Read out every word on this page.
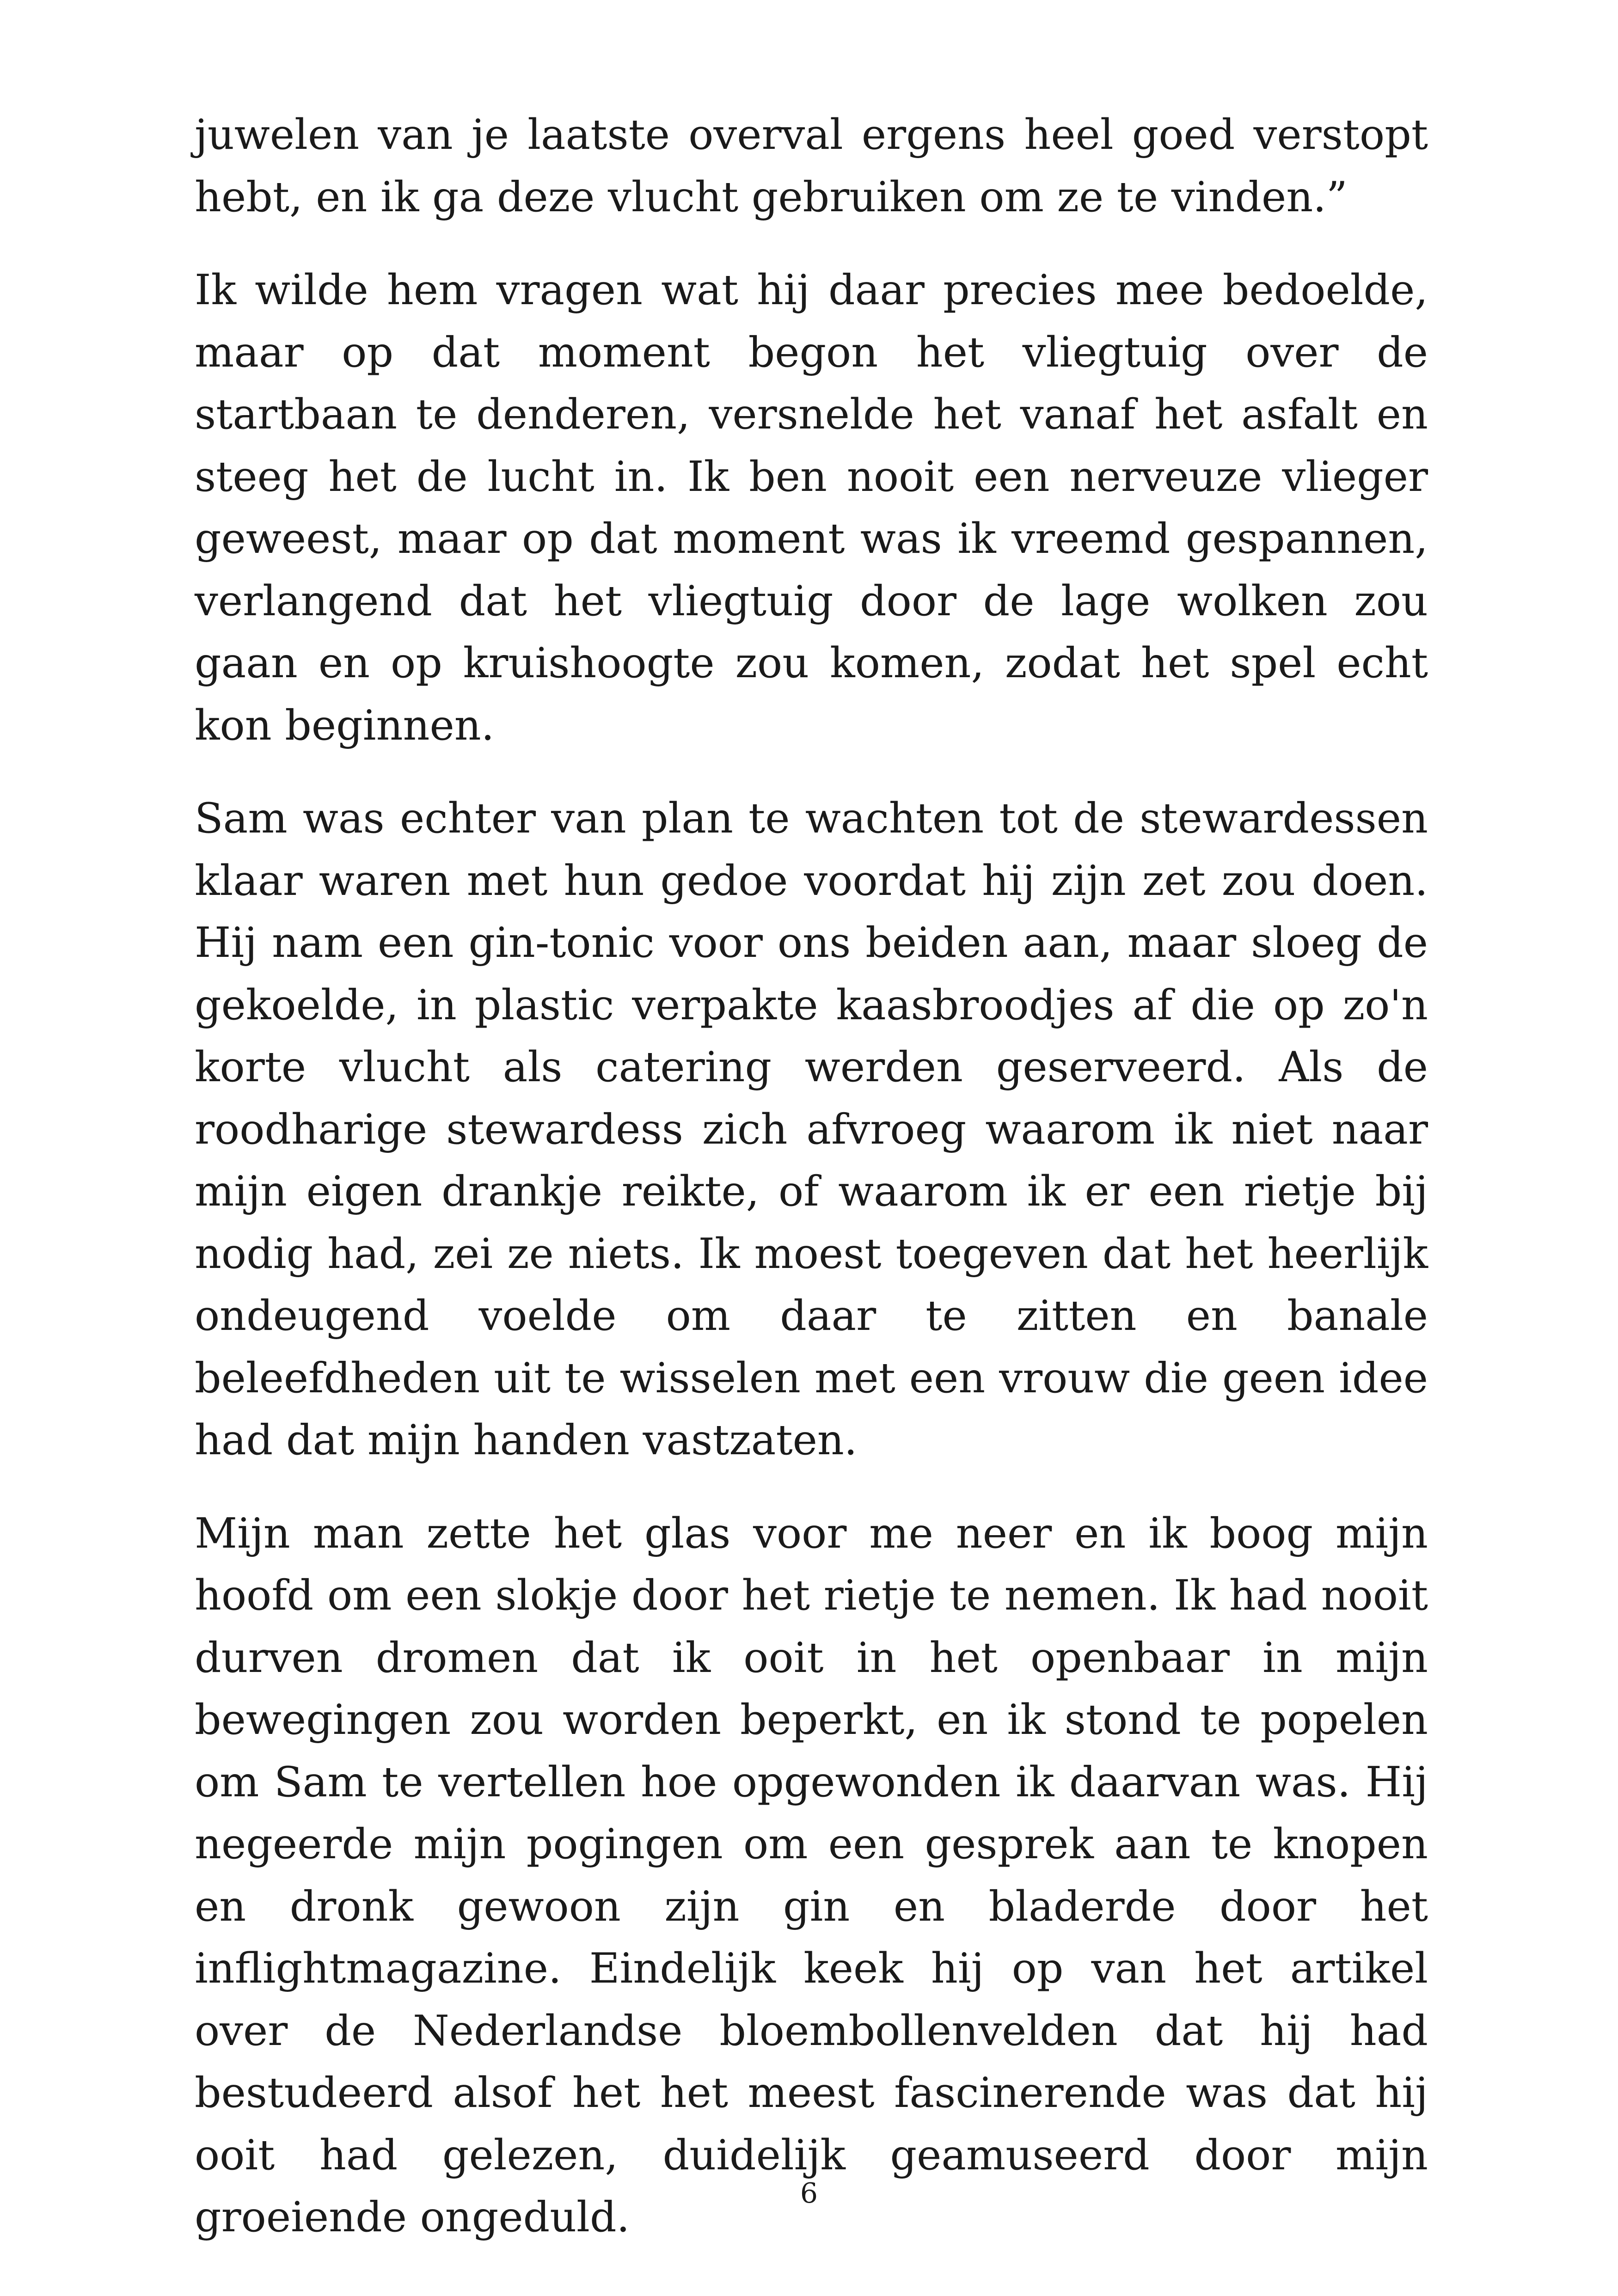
juwelen van je laatste overval ergens heel goed verstopt hebt, en ik ga deze vlucht gebruiken om ze te vinden.”

Ik wilde hem vragen wat hij daar precies mee bedoelde, maar op dat moment begon het vliegtuig over de startbaan te denderen, versnelde het vanaf het asfalt en steeg het de lucht in. Ik ben nooit een nerveuze vlieger geweest, maar op dat moment was ik vreemd gespannen, verlangend dat het vliegtuig door de lage wolken zou gaan en op kruishoogte zou komen, zodat het spel echt kon beginnen.

Sam was echter van plan te wachten tot de stewardessen klaar waren met hun gedoe voordat hij zijn zet zou doen. Hij nam een gin-tonic voor ons beiden aan, maar sloeg de gekoelde, in plastic verpakte kaasbroodjes af die op zo'n korte vlucht als catering werden geserveerd. Als de roodharige stewardess zich afvroeg waarom ik niet naar mijn eigen drankje reikte, of waarom ik er een rietje bij nodig had, zei ze niets. Ik moest toegeven dat het heerlijk ondeugend voelde om daar te zitten en banale beleefdheden uit te wisselen met een vrouw die geen idee had dat mijn handen vastzaten.

Mijn man zette het glas voor me neer en ik boog mijn hoofd om een slokje door het rietje te nemen. Ik had nooit durven dromen dat ik ooit in het openbaar in mijn bewegingen zou worden beperkt, en ik stond te popelen om Sam te vertellen hoe opgewonden ik daarvan was. Hij negeerde mijn pogingen om een gesprek aan te knopen en dronk gewoon zijn gin en bladerde door het inflightmagazine. Eindelijk keek hij op van het artikel over de Nederlandse bloembollenvelden dat hij had bestudeerd alsof het het meest fascinerende was dat hij ooit had gelezen, duidelijk geamuseerd door mijn groeiende ongeduld.	6
